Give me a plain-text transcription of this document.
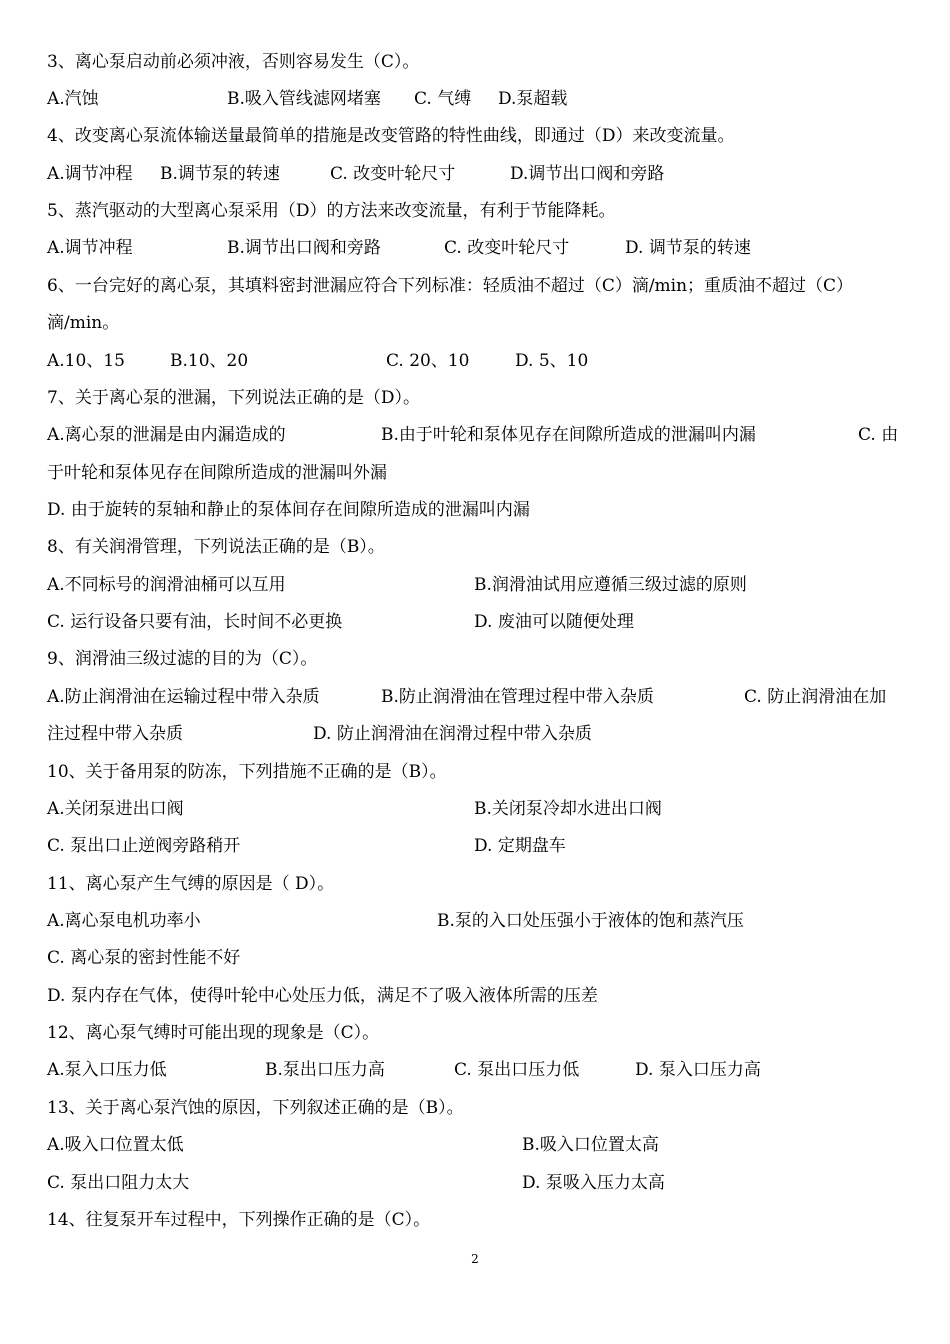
3、离心泵启动前必须冲液，否则容易发生（C）。
A.汽蚀	B.吸入管线滤网堵塞 C. 气缚 D.泵超载
4、改变离心泵流体输送量最简单的措施是改变管路的特性曲线，即通过（D）来改变流量。
A.调节冲程 B.调节泵的转速	C. 改变叶轮尺寸	D.调节出口阀和旁路
5、蒸汽驱动的大型离心泵采用（D）的方法来改变流量，有利于节能降耗。
A.调节冲程	B.调节出口阀和旁路	C. 改变叶轮尺寸	D. 调节泵的转速
6、一台完好的离心泵，其填料密封泄漏应符合下列标准：轻质油不超过（C）滴/min；重质油不超过（C）
滴/min。
A.10、15	B.10、20	C. 20、10	D. 5、10
7、关于离心泵的泄漏，下列说法正确的是（D）。
A.离心泵的泄漏是由内漏造成的	B.由于叶轮和泵体见存在间隙所造成的泄漏叫内漏	C. 由
于叶轮和泵体见存在间隙所造成的泄漏叫外漏
D. 由于旋转的泵轴和静止的泵体间存在间隙所造成的泄漏叫内漏
8、有关润滑管理，下列说法正确的是（B）。
A.不同标号的润滑油桶可以互用	B.润滑油试用应遵循三级过滤的原则
C. 运行设备只要有油，长时间不必更换	D. 废油可以随便处理
9、润滑油三级过滤的目的为（C）。
A.防止润滑油在运输过程中带入杂质	B.防止润滑油在管理过程中带入杂质	C. 防止润滑油在加
注过程中带入杂质	D. 防止润滑油在润滑过程中带入杂质
10、关于备用泵的防冻，下列措施不正确的是（B）。
A.关闭泵进出口阀	B.关闭泵冷却水进出口阀
C. 泵出口止逆阀旁路稍开	D. 定期盘车
11、离心泵产生气缚的原因是（ D）。
A.离心泵电机功率小	B.泵的入口处压强小于液体的饱和蒸汽压
C. 离心泵的密封性能不好
D. 泵内存在气体，使得叶轮中心处压力低，满足不了吸入液体所需的压差
12、离心泵气缚时可能出现的现象是（C）。
A.泵入口压力低	B.泵出口压力高	C. 泵出口压力低	D. 泵入口压力高
13、关于离心泵汽蚀的原因，下列叙述正确的是（B）。
A.吸入口位置太低	B.吸入口位置太高
C. 泵出口阻力太大	D. 泵吸入压力太高
14、往复泵开车过程中，下列操作正确的是（C）。
2
